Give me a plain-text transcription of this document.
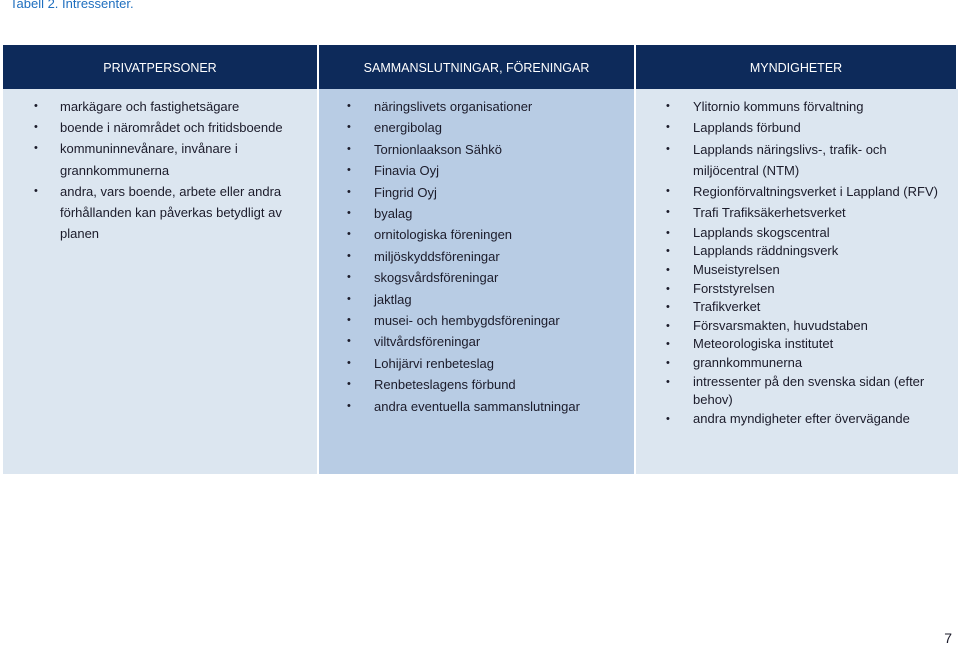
Tabell 2. Intressenter.
PRIVATPERSONER	SAMMANSLUTNINGAR, FÖRENINGAR	MYNDIGHETER
• markägare och fastighetsägare
• boende i närområdet och fritidsboende
• kommuninnevånare, invånare i grannkommunerna
• andra, vars boende, arbete eller andra förhållanden kan påverkas betydligt av planen
• näringslivets organisationer
• energibolag
• Tornionlaakson Sähkö
• Finavia Oyj
• Fingrid Oyj
• byalag
• ornitologiska föreningen
• miljöskyddsföreningar
• skogsvårdsföreningar
• jaktlag
• musei- och hembygdsföreningar
• viltvårdsföreningar
• Lohijärvi renbeteslag
• Renbeteslagens förbund
• andra eventuella sammanslutningar
• Ylitornio kommuns förvaltning
• Lapplands förbund
• Lapplands näringslivs-, trafik- och miljöcentral (NTM)
• Regionförvaltningsverket i Lappland (RFV)
• Trafi Trafiksäkerhetsverket
• Lapplands skogscentral
• Lapplands räddningsverk
• Museistyrelsen
• Forststyrelsen
• Trafikverket
• Försvarsmakten, huvudstaben
• Meteorologiska institutet
• grannkommunerna
• intressenter på den svenska sidan (efter behov)
• andra myndigheter efter övervägande
7
